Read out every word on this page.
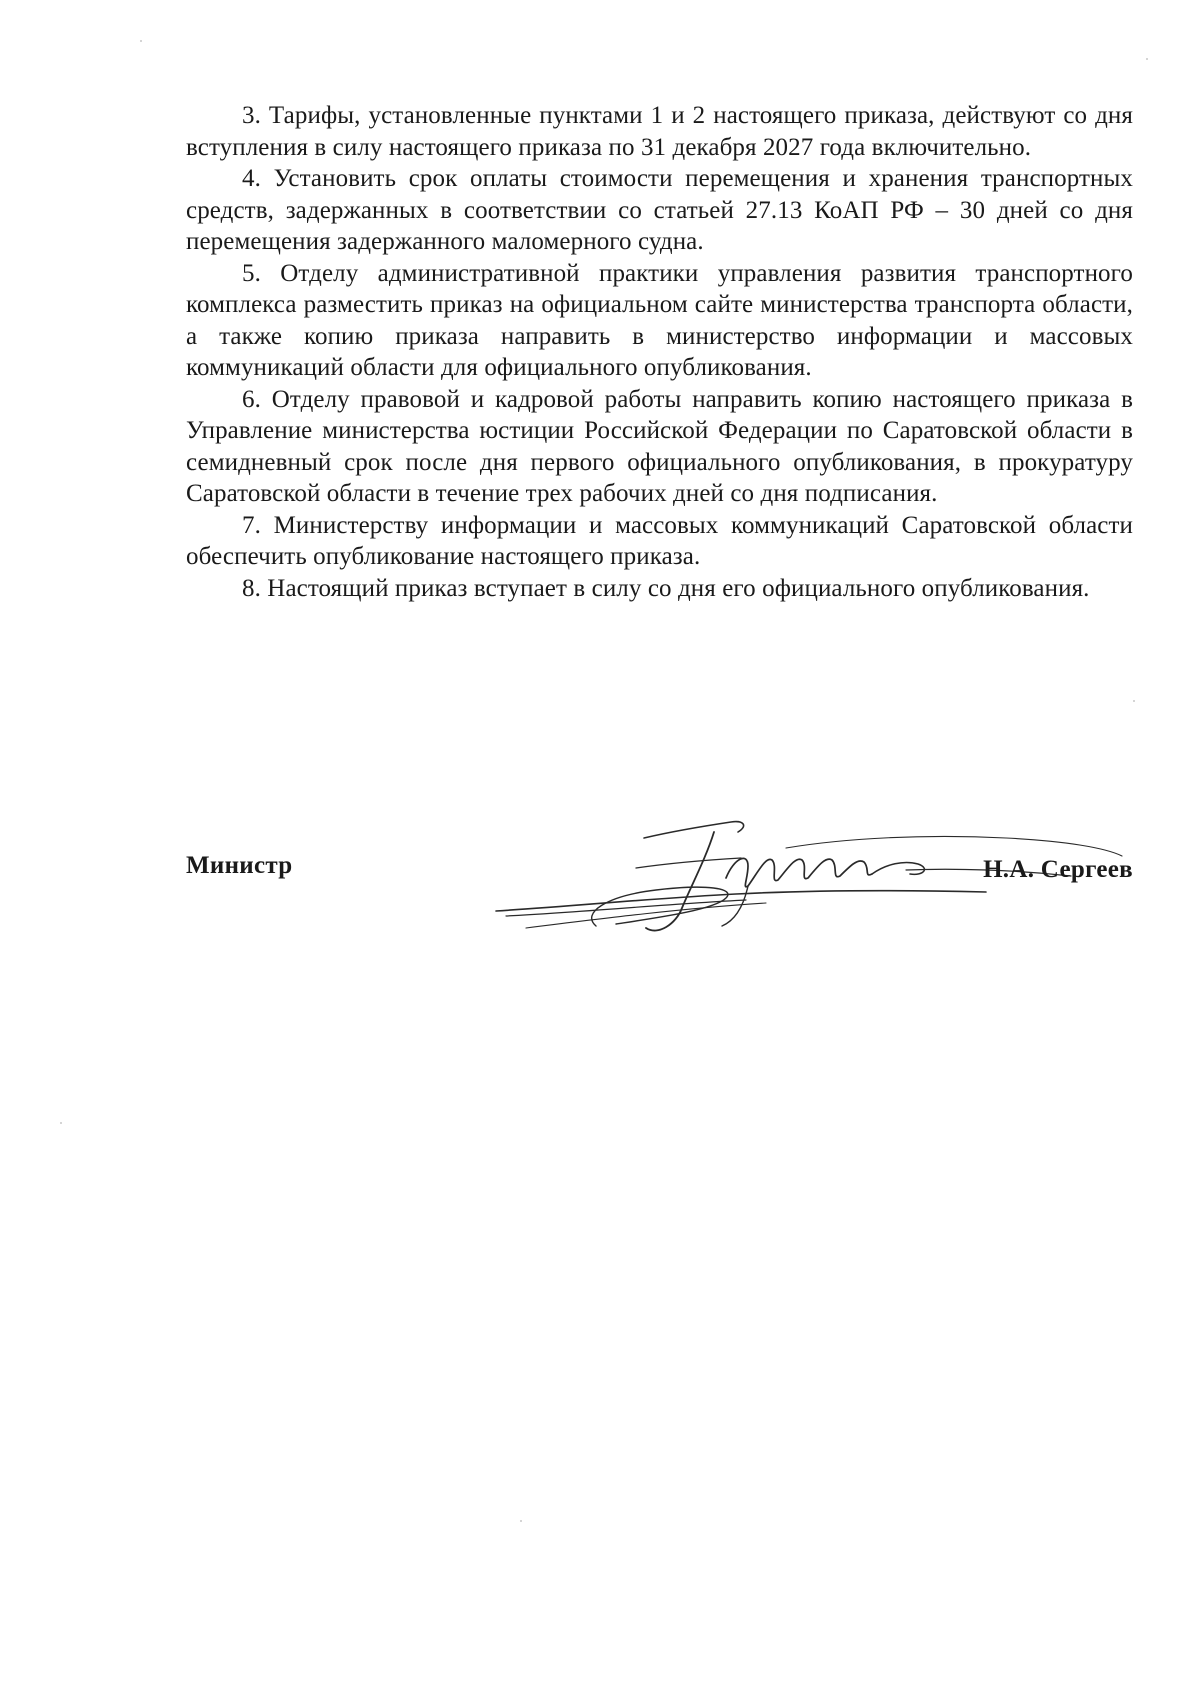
3. Тарифы, установленные пунктами 1 и 2 настоящего приказа, действуют со дня вступления в силу настоящего приказа по 31 декабря 2027 года включительно.

4. Установить срок оплаты стоимости перемещения и хранения транспортных средств, задержанных в соответствии со статьей 27.13 КоАП РФ – 30 дней со дня перемещения задержанного маломерного судна.

5. Отделу административной практики управления развития транспортного комплекса разместить приказ на официальном сайте министерства транспорта области, а также копию приказа направить в министерство информации и массовых коммуникаций области для официального опубликования.

6. Отделу правовой и кадровой работы направить копию настоящего приказа в Управление министерства юстиции Российской Федерации по Саратовской области в семидневный срок после дня первого официального опубликования, в прокуратуру Саратовской области в течение трех рабочих дней со дня подписания.

7. Министерству информации и массовых коммуникаций Саратовской области обеспечить опубликование настоящего приказа.

8. Настоящий приказ вступает в силу со дня его официального опубликования.

Министр	Н.А. Сергеев
